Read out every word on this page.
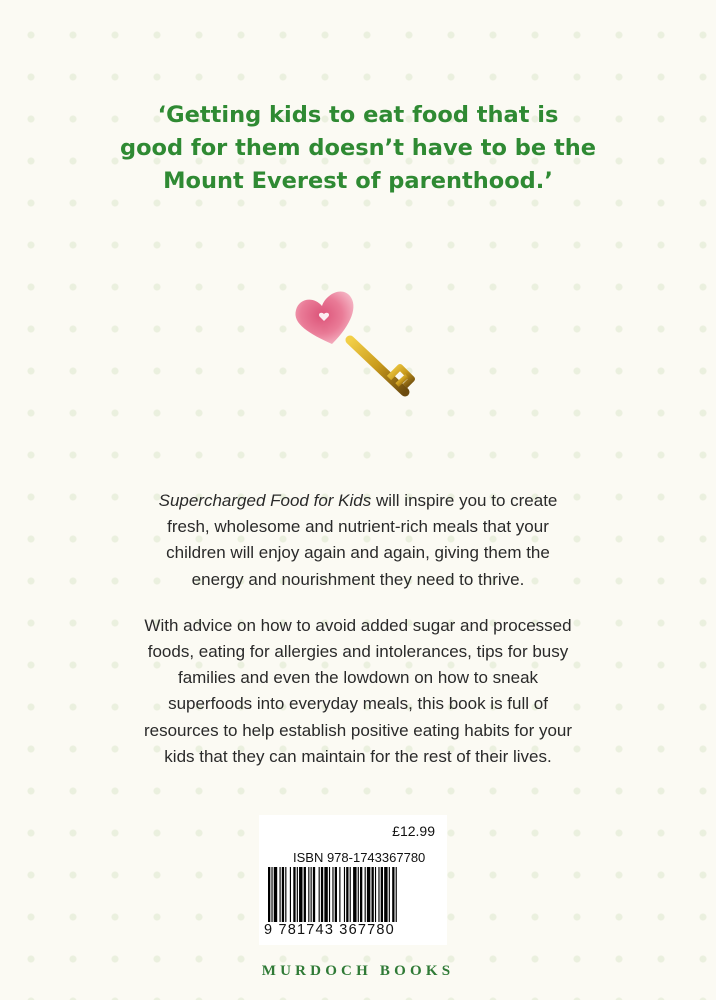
‘Getting kids to eat food that is
good for them doesn’t have to be the
Mount Everest of parenthood.’

Supercharged Food for Kids will inspire you to create
fresh, wholesome and nutrient-rich meals that your
children will enjoy again and again, giving them the
energy and nourishment they need to thrive.

With advice on how to avoid added sugar and processed
foods, eating for allergies and intolerances, tips for busy
families and even the lowdown on how to sneak
superfoods into everyday meals, this book is full of
resources to help establish positive eating habits for your
kids that they can maintain for the rest of their lives.

£12.99
ISBN 978-1743367780
9 781743 367780
MURDOCH BOOKS
